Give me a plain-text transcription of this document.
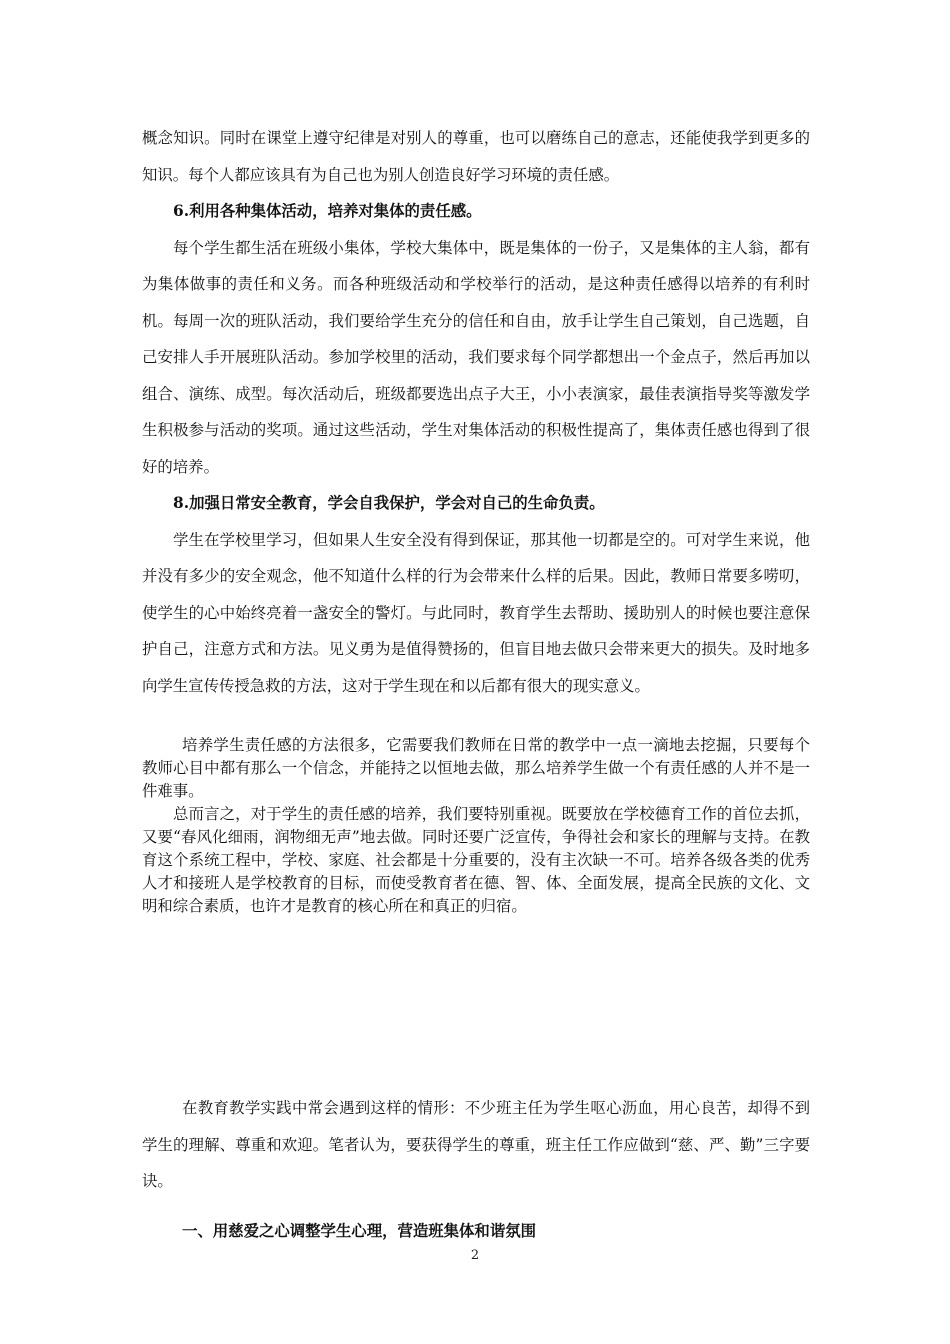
概念知识。同时在课堂上遵守纪律是对别人的尊重，也可以磨练自己的意志，还能使我学到更多的知识。每个人都应该具有为自己也为别人创造良好学习环境的责任感。

6.利用各种集体活动，培养对集体的责任感。

每个学生都生活在班级小集体，学校大集体中，既是集体的一份子，又是集体的主人翁，都有为集体做事的责任和义务。而各种班级活动和学校举行的活动，是这种责任感得以培养的有利时机。每周一次的班队活动，我们要给学生充分的信任和自由，放手让学生自己策划，自己选题，自己安排人手开展班队活动。参加学校里的活动，我们要求每个同学都想出一个金点子，然后再加以组合、演练、成型。每次活动后，班级都要选出点子大王，小小表演家，最佳表演指导奖等激发学生积极参与活动的奖项。通过这些活动，学生对集体活动的积极性提高了，集体责任感也得到了很好的培养。

8.加强日常安全教育，学会自我保护，学会对自己的生命负责。

学生在学校里学习，但如果人生安全没有得到保证，那其他一切都是空的。可对学生来说，他并没有多少的安全观念，他不知道什么样的行为会带来什么样的后果。因此，教师日常要多唠叨，使学生的心中始终亮着一盏安全的警灯。与此同时，教育学生去帮助、援助别人的时候也要注意保护自己，注意方式和方法。见义勇为是值得赞扬的，但盲目地去做只会带来更大的损失。及时地多向学生宣传传授急救的方法，这对于学生现在和以后都有很大的现实意义。

培养学生责任感的方法很多，它需要我们教师在日常的教学中一点一滴地去挖掘，只要每个教师心目中都有那么一个信念，并能持之以恒地去做，那么培养学生做一个有责任感的人并不是一件难事。

总而言之，对于学生的责任感的培养，我们要特别重视。既要放在学校德育工作的首位去抓，又要“春风化细雨，润物细无声”地去做。同时还要广泛宣传，争得社会和家长的理解与支持。在教育这个系统工程中，学校、家庭、社会都是十分重要的，没有主次缺一不可。培养各级各类的优秀人才和接班人是学校教育的目标，而使受教育者在德、智、体、全面发展，提高全民族的文化、文明和综合素质，也许才是教育的核心所在和真正的归宿。

在教育教学实践中常会遇到这样的情形：不少班主任为学生呕心沥血，用心良苦，却得不到学生的理解、尊重和欢迎。笔者认为，要获得学生的尊重，班主任工作应做到“慈、严、勤”三字要诀。

一、用慈爱之心调整学生心理，营造班集体和谐氛围

2
